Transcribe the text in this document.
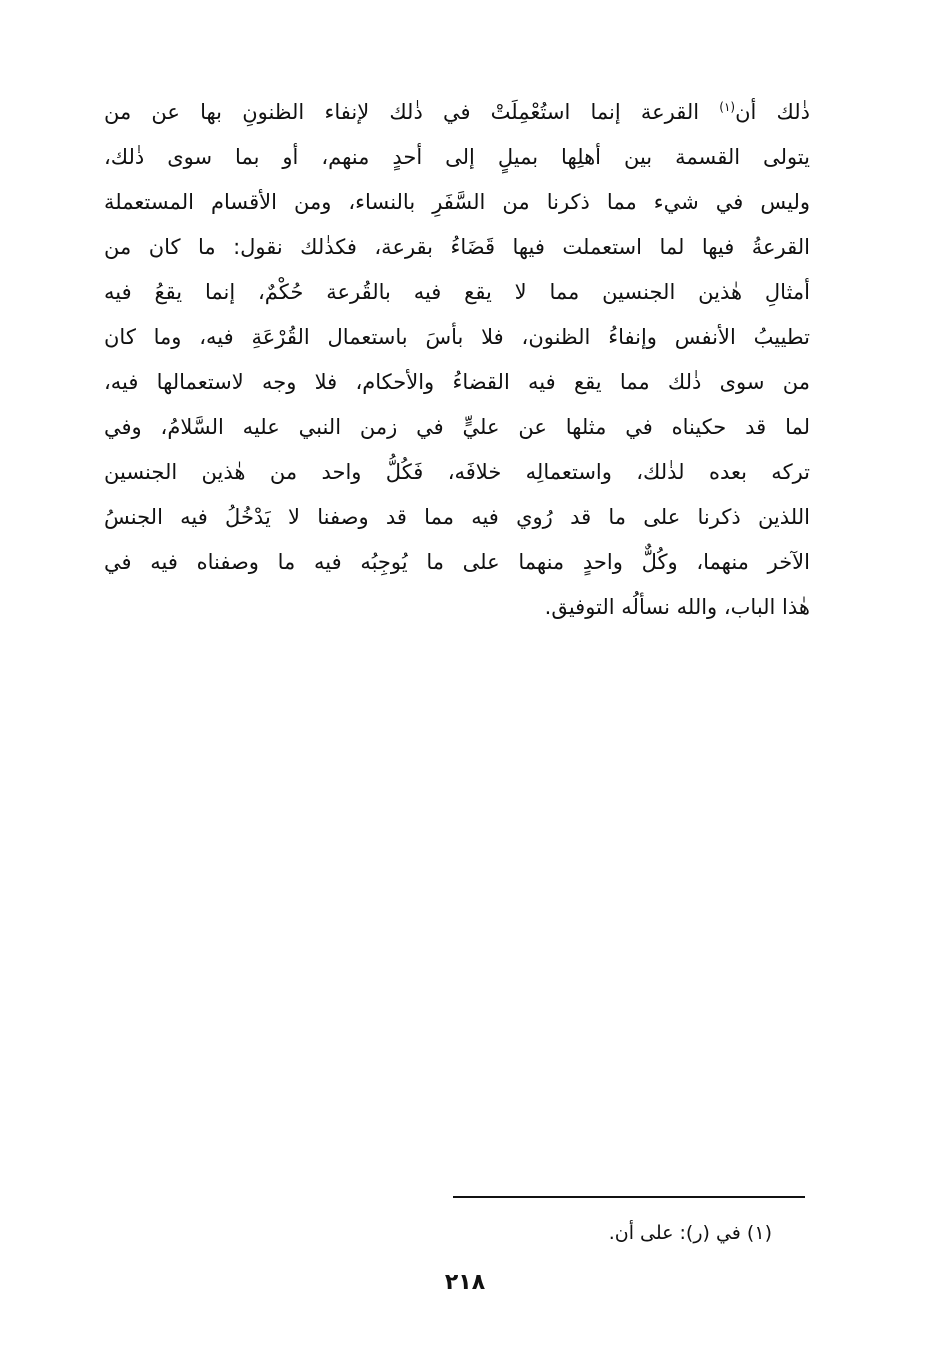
ذٰلك أن$^{(١)}$ القرعة إنما استُعْمِلَتْ في ذٰلك لإنفاء الظنونِ بها عن من
يتولى القسمة بين أهلِها بميلٍ إلى أحدٍ منهم، أو بما سوى ذٰلك،
وليس في شيء مما ذكرنا من السَّفَرِ بالنساء، ومن الأقسام المستعملة
القرعةُ فيها لما استعملت فيها قَضَاءُ بقرعة، فكذٰلك نقول: ما كان من
أمثالِ هٰذين الجنسين مما لا يقع فيه بالقُرعة حُكْمٌ، إنما يقعُ فيه
تطييبُ الأنفس وإنفاءُ الظنون، فلا بأسَ باستعمال القُرْعَةِ فيه، وما كان
من سوى ذٰلك مما يقع فيه القضاءُ والأحكام، فلا وجه لاستعمالها فيه،
لما قد حكيناه في مثلها عن عليٍّ في زمن النبي عليه السَّلامُ، وفي
تركه بعده لذٰلك، واستعمالِه خلافَه، فَكُلُّ واحد من هٰذين الجنسين
اللذين ذكرنا على ما قد رُوي فيه مما قد وصفنا لا يَدْخُلُ فيه الجنسُ
الآخر منهما، وكُلٌّ واحدٍ منهما على ما يُوجِبُه فيه ما وصفناه فيه في
هٰذا الباب، والله نسألُه التوفيق.
(١) في (ر): على أن.
٢١٨
